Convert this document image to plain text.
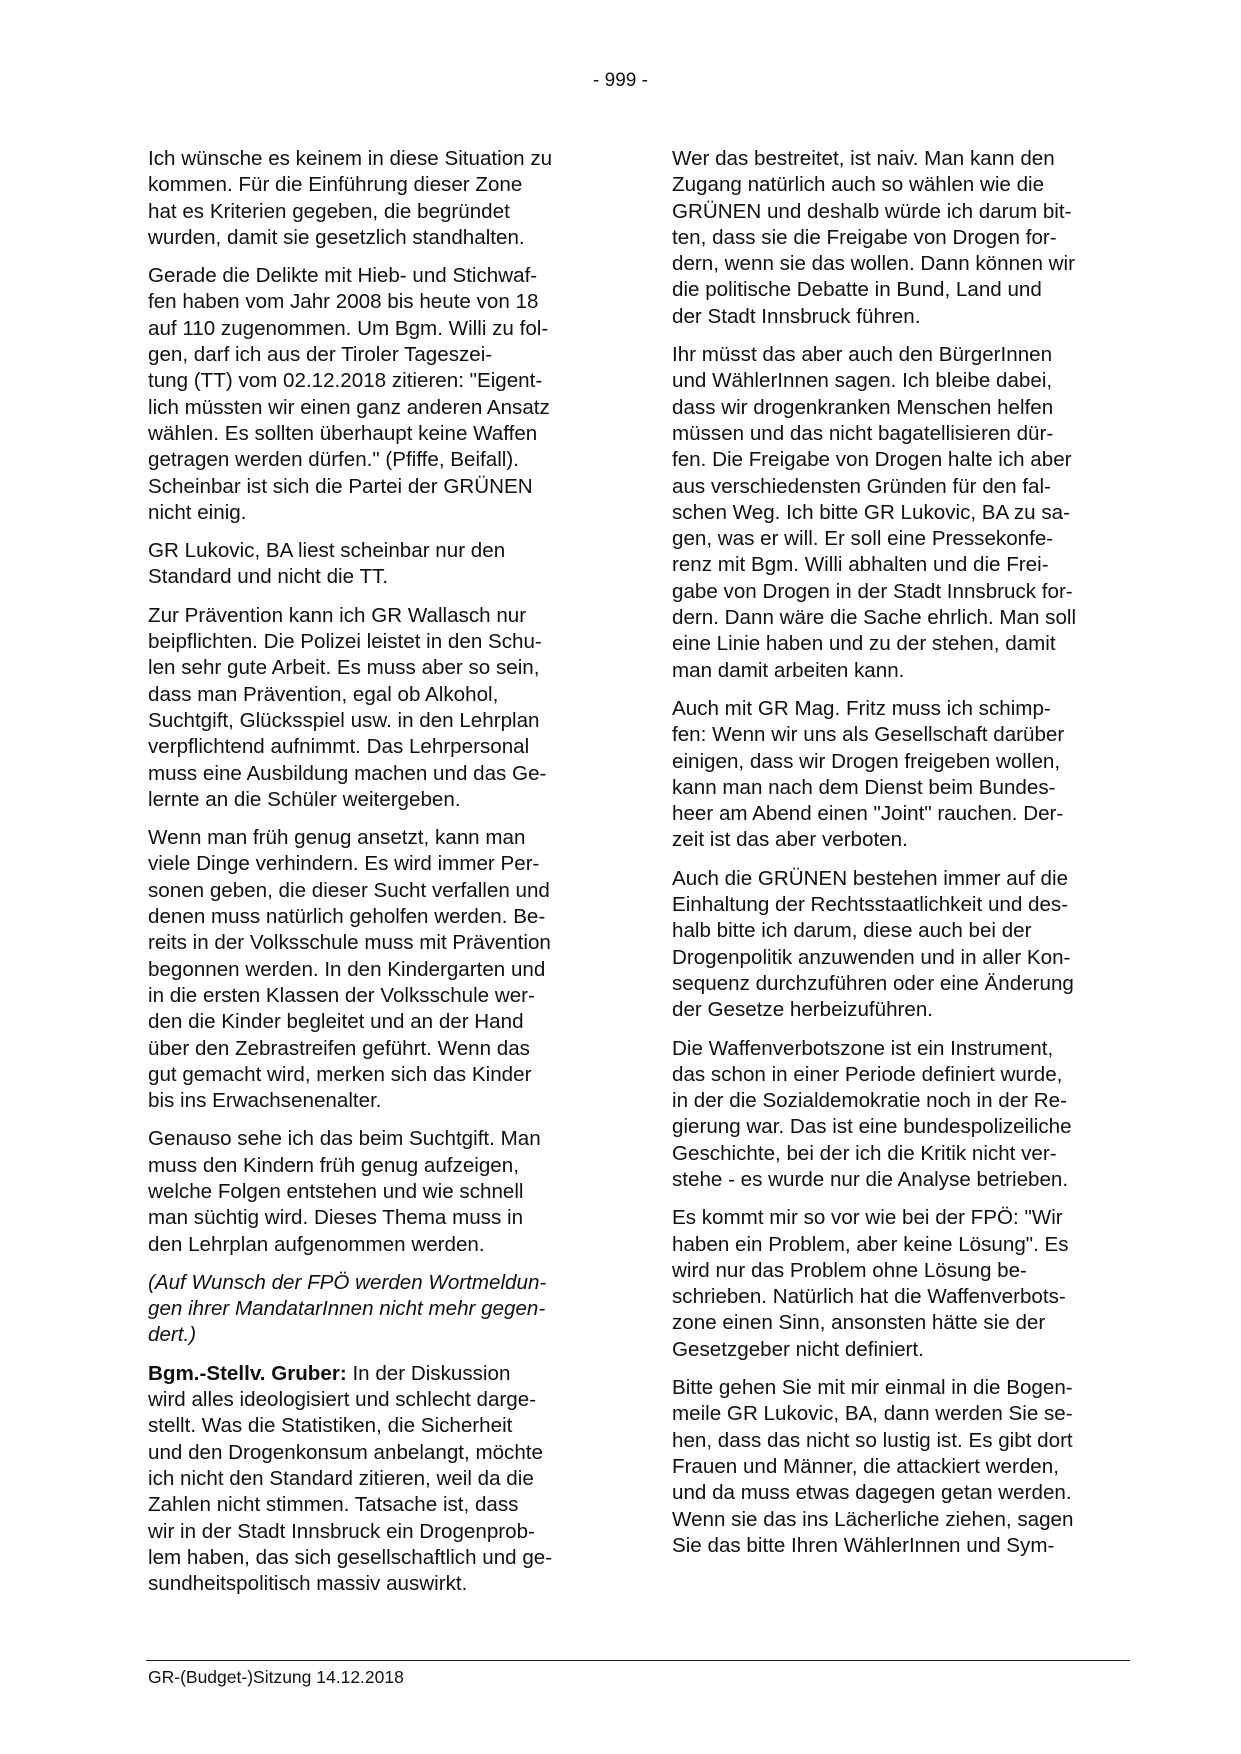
- 999 -

Ich wünsche es keinem in diese Situation zu
kommen. Für die Einführung dieser Zone
hat es Kriterien gegeben, die begründet
wurden, damit sie gesetzlich standhalten.

Gerade die Delikte mit Hieb- und Stichwaf-
fen haben vom Jahr 2008 bis heute von 18
auf 110 zugenommen. Um Bgm. Willi zu fol-
gen, darf ich aus der Tiroler Tageszei-
tung (TT) vom 02.12.2018 zitieren: "Eigent-
lich müssten wir einen ganz anderen Ansatz
wählen. Es sollten überhaupt keine Waffen
getragen werden dürfen." (Pfiffe, Beifall).
Scheinbar ist sich die Partei der GRÜNEN
nicht einig.

GR Lukovic, BA liest scheinbar nur den
Standard und nicht die TT.

Zur Prävention kann ich GR Wallasch nur
beipflichten. Die Polizei leistet in den Schu-
len sehr gute Arbeit. Es muss aber so sein,
dass man Prävention, egal ob Alkohol,
Suchtgift, Glücksspiel usw. in den Lehrplan
verpflichtend aufnimmt. Das Lehrpersonal
muss eine Ausbildung machen und das Ge-
lernte an die Schüler weitergeben.

Wenn man früh genug ansetzt, kann man
viele Dinge verhindern. Es wird immer Per-
sonen geben, die dieser Sucht verfallen und
denen muss natürlich geholfen werden. Be-
reits in der Volksschule muss mit Prävention
begonnen werden. In den Kindergarten und
in die ersten Klassen der Volksschule wer-
den die Kinder begleitet und an der Hand
über den Zebrastreifen geführt. Wenn das
gut gemacht wird, merken sich das Kinder
bis ins Erwachsenenalter.

Genauso sehe ich das beim Suchtgift. Man
muss den Kindern früh genug aufzeigen,
welche Folgen entstehen und wie schnell
man süchtig wird. Dieses Thema muss in
den Lehrplan aufgenommen werden.

(Auf Wunsch der FPÖ werden Wortmeldun-
gen ihrer MandatarInnen nicht mehr gegen-
dert.)

Bgm.-Stellv. Gruber: In der Diskussion
wird alles ideologisiert und schlecht darge-
stellt. Was die Statistiken, die Sicherheit
und den Drogenkonsum anbelangt, möchte
ich nicht den Standard zitieren, weil da die
Zahlen nicht stimmen. Tatsache ist, dass
wir in der Stadt Innsbruck ein Drogenprob-
lem haben, das sich gesellschaftlich und ge-
sundheitspolitisch massiv auswirkt.

Wer das bestreitet, ist naiv. Man kann den
Zugang natürlich auch so wählen wie die
GRÜNEN und deshalb würde ich darum bit-
ten, dass sie die Freigabe von Drogen for-
dern, wenn sie das wollen. Dann können wir
die politische Debatte in Bund, Land und
der Stadt Innsbruck führen.

Ihr müsst das aber auch den BürgerInnen
und WählerInnen sagen. Ich bleibe dabei,
dass wir drogenkranken Menschen helfen
müssen und das nicht bagatellisieren dür-
fen. Die Freigabe von Drogen halte ich aber
aus verschiedensten Gründen für den fal-
schen Weg. Ich bitte GR Lukovic, BA zu sa-
gen, was er will. Er soll eine Pressekonfe-
renz mit Bgm. Willi abhalten und die Frei-
gabe von Drogen in der Stadt Innsbruck for-
dern. Dann wäre die Sache ehrlich. Man soll
eine Linie haben und zu der stehen, damit
man damit arbeiten kann.

Auch mit GR Mag. Fritz muss ich schimp-
fen: Wenn wir uns als Gesellschaft darüber
einigen, dass wir Drogen freigeben wollen,
kann man nach dem Dienst beim Bundes-
heer am Abend einen "Joint" rauchen. Der-
zeit ist das aber verboten.

Auch die GRÜNEN bestehen immer auf die
Einhaltung der Rechtsstaatlichkeit und des-
halb bitte ich darum, diese auch bei der
Drogenpolitik anzuwenden und in aller Kon-
sequenz durchzuführen oder eine Änderung
der Gesetze herbeizuführen.

Die Waffenverbotszone ist ein Instrument,
das schon in einer Periode definiert wurde,
in der die Sozialdemokratie noch in der Re-
gierung war. Das ist eine bundespolizeiliche
Geschichte, bei der ich die Kritik nicht ver-
stehe - es wurde nur die Analyse betrieben.

Es kommt mir so vor wie bei der FPÖ: "Wir
haben ein Problem, aber keine Lösung". Es
wird nur das Problem ohne Lösung be-
schrieben. Natürlich hat die Waffenverbots-
zone einen Sinn, ansonsten hätte sie der
Gesetzgeber nicht definiert.

Bitte gehen Sie mit mir einmal in die Bogen-
meile GR Lukovic, BA, dann werden Sie se-
hen, dass das nicht so lustig ist. Es gibt dort
Frauen und Männer, die attackiert werden,
und da muss etwas dagegen getan werden.
Wenn sie das ins Lächerliche ziehen, sagen
Sie das bitte Ihren WählerInnen und Sym-

GR-(Budget-)Sitzung 14.12.2018
